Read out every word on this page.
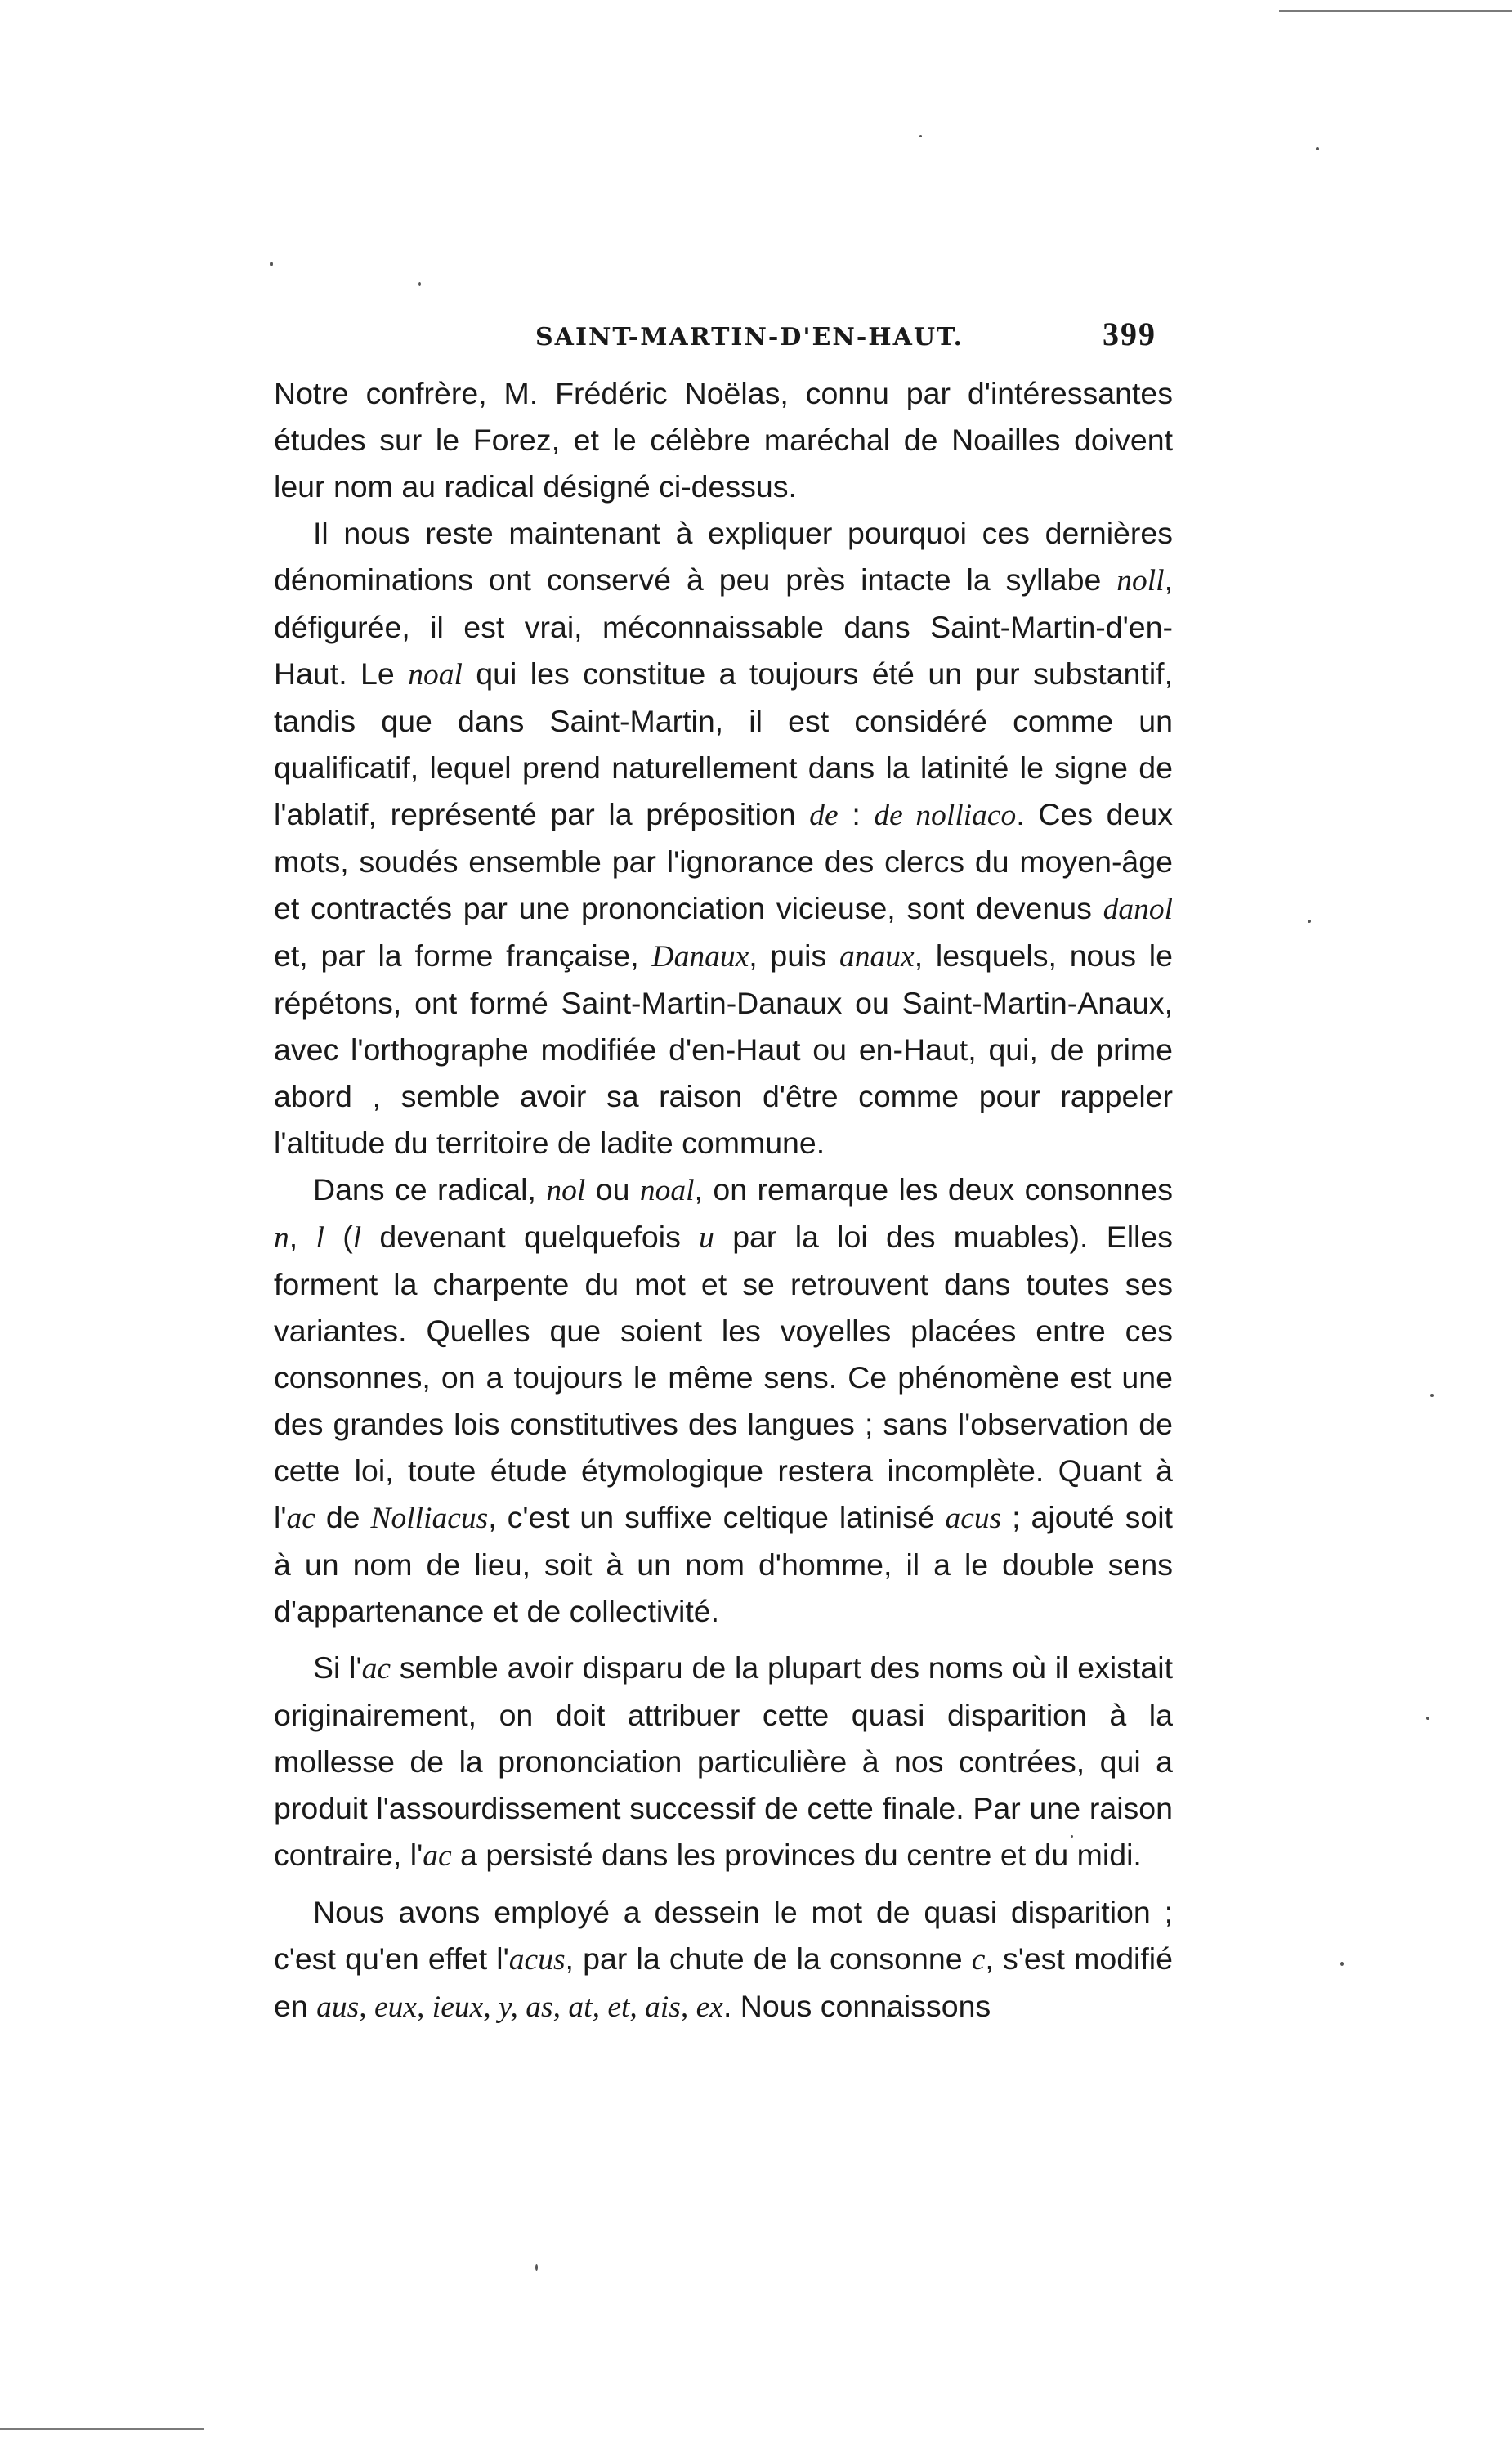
SAINT-MARTIN-D'EN-HAUT.	399

Notre confrère, M. Frédéric Noëlas, connu par d'intéressantes études sur le Forez, et le célèbre maréchal de Noailles doivent leur nom au radical désigné ci-dessus.

Il nous reste maintenant à expliquer pourquoi ces dernières dénominations ont conservé à peu près intacte la syllabe noll, défigurée, il est vrai, méconnaissable dans Saint-Martin-d'en-Haut. Le noal qui les constitue a toujours été un pur substantif, tandis que dans Saint-Martin, il est considéré comme un qualificatif, lequel prend naturellement dans la latinité le signe de l'ablatif, représenté par la préposition de : de nolliaco. Ces deux mots, soudés ensemble par l'ignorance des clercs du moyen-âge et contractés par une prononciation vicieuse, sont devenus danol et, par la forme française, Danaux, puis anaux, lesquels, nous le répétons, ont formé Saint-Martin-Danaux ou Saint-Martin-Anaux, avec l'orthographe modifiée d'en-Haut ou en-Haut, qui, de prime abord , semble avoir sa raison d'être comme pour rappeler l'altitude du territoire de ladite commune.

Dans ce radical, nol ou noal, on remarque les deux consonnes n, l (l devenant quelquefois u par la loi des muables). Elles forment la charpente du mot et se retrouvent dans toutes ses variantes. Quelles que soient les voyelles placées entre ces consonnes, on a toujours le même sens. Ce phénomène est une des grandes lois constitutives des langues ; sans l'observation de cette loi, toute étude étymologique restera incomplète. Quant à l'ac de Nolliacus, c'est un suffixe celtique latinisé acus ; ajouté soit à un nom de lieu, soit à un nom d'homme, il a le double sens d'appartenance et de collectivité.

Si l'ac semble avoir disparu de la plupart des noms où il existait originairement, on doit attribuer cette quasi disparition à la mollesse de la prononciation particulière à nos contrées, qui a produit l'assourdissement successif de cette finale. Par une raison contraire, l'ac a persisté dans les provinces du centre et du midi.

Nous avons employé a dessein le mot de quasi disparition ; c'est qu'en effet l'acus, par la chute de la consonne c, s'est modifié en aus, eux, ieux, y, as, at, et, ais, ex. Nous connaissons
